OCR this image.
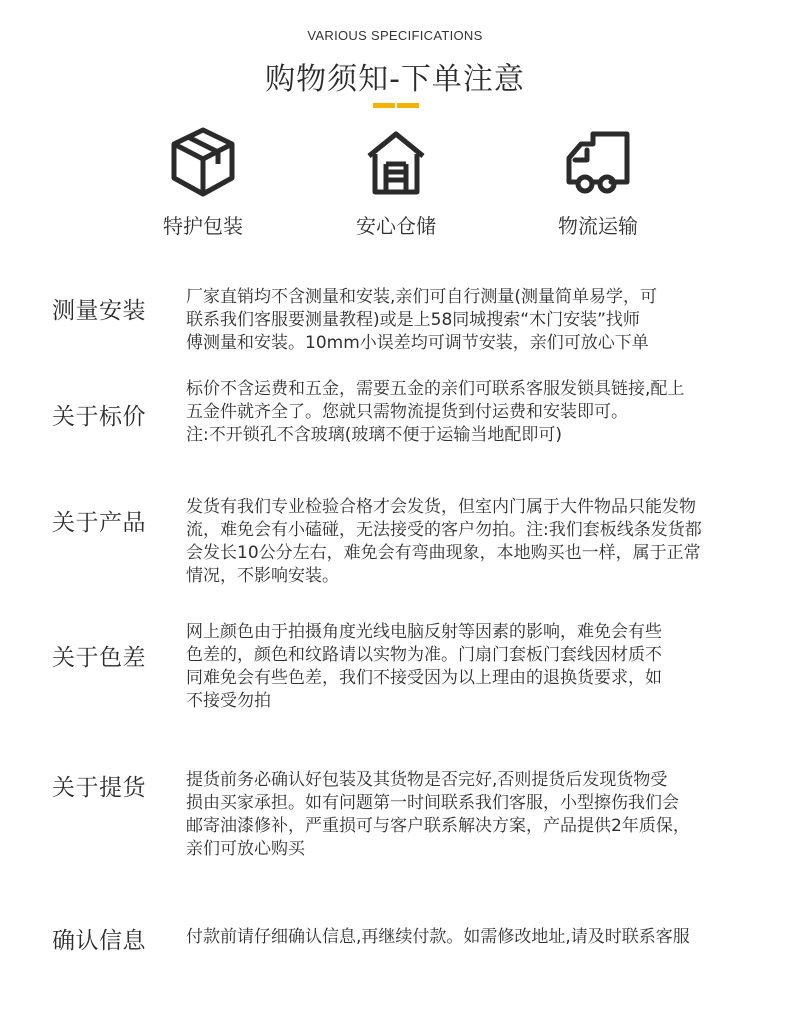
VARIOUS SPECIFICATIONS
购物须知-下单注意
特护包装	安心仓储	物流运输
测量安装

厂家直销均不含测量和安装,亲们可自行测量(测量简单易学，可

联系我们客服要测量教程)或是上58同城搜索“木门安装”找师

傅测量和安装。10mm小误差均可调节安装，亲们可放心下单

关于标价

标价不含运费和五金，需要五金的亲们可联系客服发锁具链接,配上

五金件就齐全了。您就只需物流提货到付运费和安装即可。

注:不开锁孔不含玻璃(玻璃不便于运输当地配即可)

关于产品

发货有我们专业检验合格才会发货，但室内门属于大件物品只能发物

流，难免会有小磕碰，无法接受的客户勿拍。注:我们套板线条发货都

会发长10公分左右，难免会有弯曲现象，本地购买也一样，属于正常

情况，不影响安装。

关于色差

网上颜色由于拍摄角度光线电脑反射等因素的影响，难免会有些

色差的，颜色和纹路请以实物为准。门扇门套板门套线因材质不

同难免会有些色差，我们不接受因为以上理由的退换货要求，如

不接受勿拍

关于提货	提货前务必确认好包装及其货物是否完好,否则提货后发现货物受

损由买家承担。如有问题第一时间联系我们客服，小型擦伤我们会

邮寄油漆修补，严重损可与客户联系解决方案，产品提供2年质保，

亲们可放心购买

确认信息	付款前请仔细确认信息,再继续付款。如需修改地址,请及时联系客服
